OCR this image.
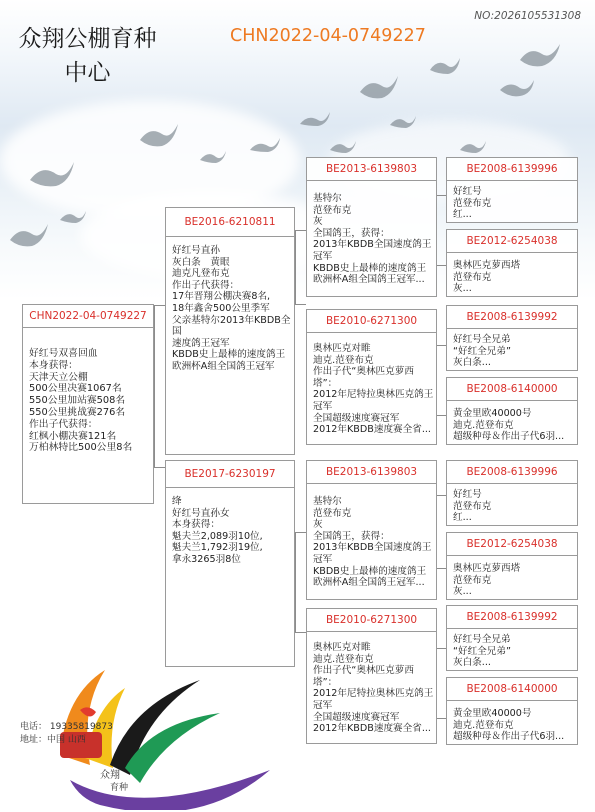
众翔公棚育种
中心
CHN2022-04-0749227
NO:2026105531308
CHN2022-04-0749227
好红号双喜回血
本身获得：
天津天立公棚
500公里决赛1067名
550公里加站赛508名
550公里挑战赛276名
作出子代获得：
红枫小棚决赛121名
万柏林特比500公里8名
BE2016-6210811
好红号直孙
灰白条　黄眼
迪克凡登布克
作出子代获得：
17年晋翔公棚决赛8名,
18年鑫舍500公里季军
父亲基特尔2013年KBDB全
国
速度鸽王冠军
KBDB史上最棒的速度鸽王
欧洲杯A组全国鸽王冠军
BE2017-6230197
绛
好红号直孙女
本身获得：
魁夫兰2,089羽10位,
魁夫兰1,792羽19位,
拿永3265羽8位
BE2013-6139803
基特尔
范登布克
灰
全国鸽王，获得：
2013年KBDB全国速度鸽王
冠军
KBDB史上最棒的速度鸽王
欧洲杯A组全国鸽王冠军...
BE2010-6271300
奥林匹克对睢
迪克.范登布克
作出子代“奥林匹克萝西
塔”：
2012年尼特拉奥林匹克鸽王
冠军
全国超级速度赛冠军
2012年KBDB速度赛全省...
BE2013-6139803
基特尔
范登布克
灰
全国鸽王，获得：
2013年KBDB全国速度鸽王
冠军
KBDB史上最棒的速度鸽王
欧洲杯A组全国鸽王冠军...
BE2010-6271300
奥林匹克对睢
迪克.范登布克
作出子代“奥林匹克萝西
塔”：
2012年尼特拉奥林匹克鸽王
冠军
全国超级速度赛冠军
2012年KBDB速度赛全省...
BE2008-6139996
好红号
范登布克
红...
BE2012-6254038
奥林匹克萝西塔
范登布克
灰...
BE2008-6139992
好红号全兄弟
“好红全兄弟”
灰白条...
BE2008-6140000
黄金里欧40000号
迪克.范登布克
超级种母＆作出子代6羽...
BE2008-6139996
好红号
范登布克
红...
BE2012-6254038
奥林匹克萝西塔
范登布克
灰...
BE2008-6139992
好红号全兄弟
“好红全兄弟”
灰白条...
BE2008-6140000
黄金里欧40000号
迪克.范登布克
超级种母＆作出子代6羽...
众翔
育种
电话： 19335819873
地址：中国 山西
